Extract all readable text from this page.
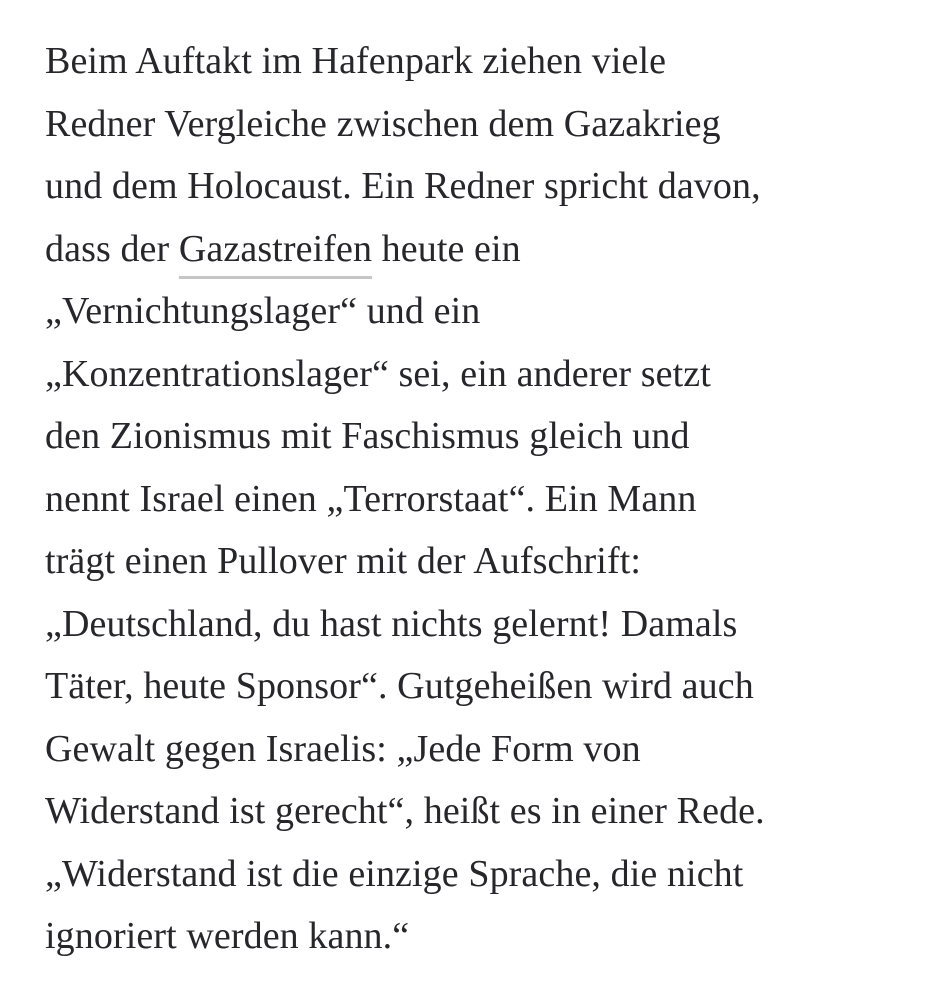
Beim Auftakt im Hafenpark ziehen viele
Redner Vergleiche zwischen dem Gazakrieg
und dem Holocaust. Ein Redner spricht davon,
dass der Gazastreifen heute ein
„Vernichtungslager“ und ein
„Konzentrationslager“ sei, ein anderer setzt
den Zionismus mit Faschismus gleich und
nennt Israel einen „Terrorstaat“. Ein Mann
trägt einen Pullover mit der Aufschrift:
„Deutschland, du hast nichts gelernt! Damals
Täter, heute Sponsor“. Gutgeheißen wird auch
Gewalt gegen Israelis: „Jede Form von
Widerstand ist gerecht“, heißt es in einer Rede.
„Widerstand ist die einzige Sprache, die nicht
ignoriert werden kann.“
